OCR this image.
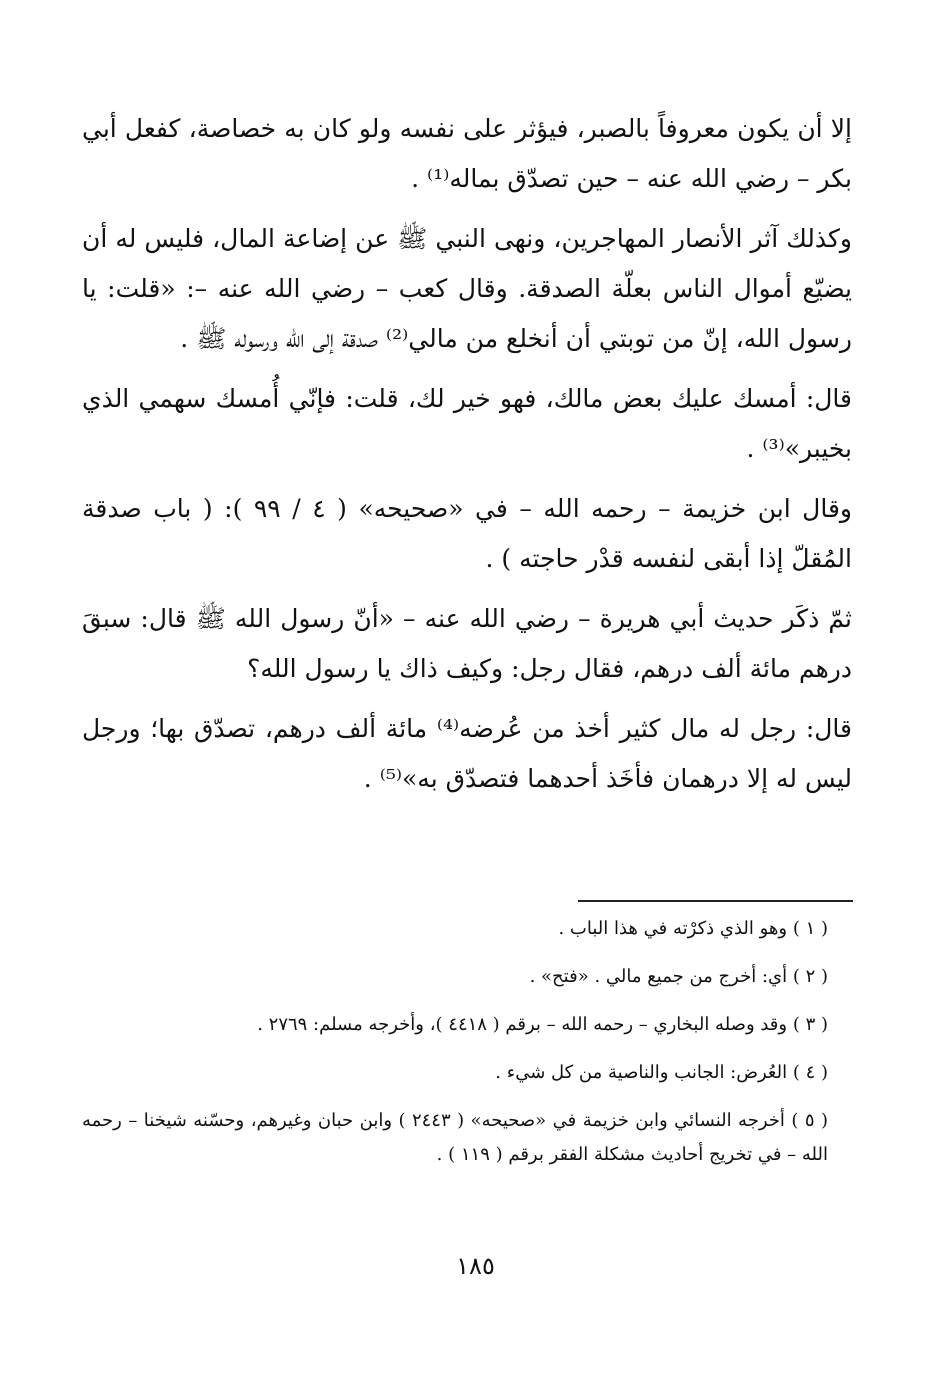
إلا أن يكون معروفاً بالصبر، فيؤثر على نفسه ولو كان به خصاصة، كفعل أبي بكر – رضي الله عنه – حين تصدّق بماله⁽¹⁾ .

وكذلك آثر الأنصار المهاجرين، ونهى النبي ﷺ عن إضاعة المال، فليس له أن يضيّع أموال الناس بعلّة الصدقة. وقال كعب – رضي الله عنه –: «قلت: يا رسول الله، إنّ من توبتي أن أنخلع من مالي⁽²⁾ صدقة إلى الله ورسوله ﷺ .

قال: أمسك عليك بعض مالك، فهو خير لك، قلت: فإنّي أُمسك سهمي الذي بخيبر»⁽³⁾ .

وقال ابن خزيمة – رحمه الله – في «صحيحه» ( ٤ / ٩٩ ): ( باب صدقة المُقلّ إذا أبقى لنفسه قدْر حاجته ) .

ثمّ ذكَر حديث أبي هريرة – رضي الله عنه – «أنّ رسول الله ﷺ قال: سبقَ درهم مائة ألف درهم، فقال رجل: وكيف ذاك يا رسول الله؟

قال: رجل له مال كثير أخذ من عُرضه⁽⁴⁾ مائة ألف درهم، تصدّق بها؛ ورجل ليس له إلا درهمان فأخَذ أحدهما فتصدّق به»⁽⁵⁾ .

( ١ ) وهو الذي ذكرْته في هذا الباب .

( ٢ ) أي: أخرج من جميع مالي . «فتح» .

( ٣ ) وقد وصله البخاري – رحمه الله – برقم ( ٤٤١٨ )، وأخرجه مسلم: ٢٧٦٩ .

( ٤ ) العُرض: الجانب والناصية من كل شيء .

( ٥ ) أخرجه النسائي وابن خزيمة في «صحيحه» ( ٢٤٤٣ ) وابن حبان وغيرهم، وحسّنه شيخنا – رحمه الله – في تخريج أحاديث مشكلة الفقر برقم ( ١١٩ ) .

١٨٥
